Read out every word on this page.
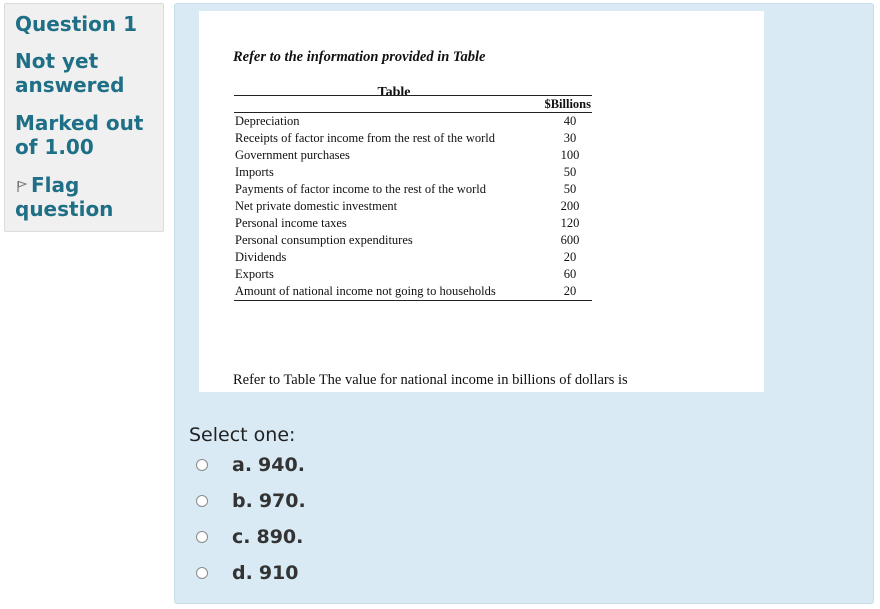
Question 1
Not yet answered
Marked out of 1.00
Flag question
Refer to the information provided in Table
Table
$Billions
Depreciation	40
Receipts of factor income from the rest of the world	30
Government purchases	100
Imports	50
Payments of factor income to the rest of the world	50
Net private domestic investment	200
Personal income taxes	120
Personal consumption expenditures	600
Dividends	20
Exports	60
Amount of national income not going to households	20
Refer to Table The value for national income in billions of dollars is
Select one:
a. 940.
b. 970.
c. 890.
d. 910
